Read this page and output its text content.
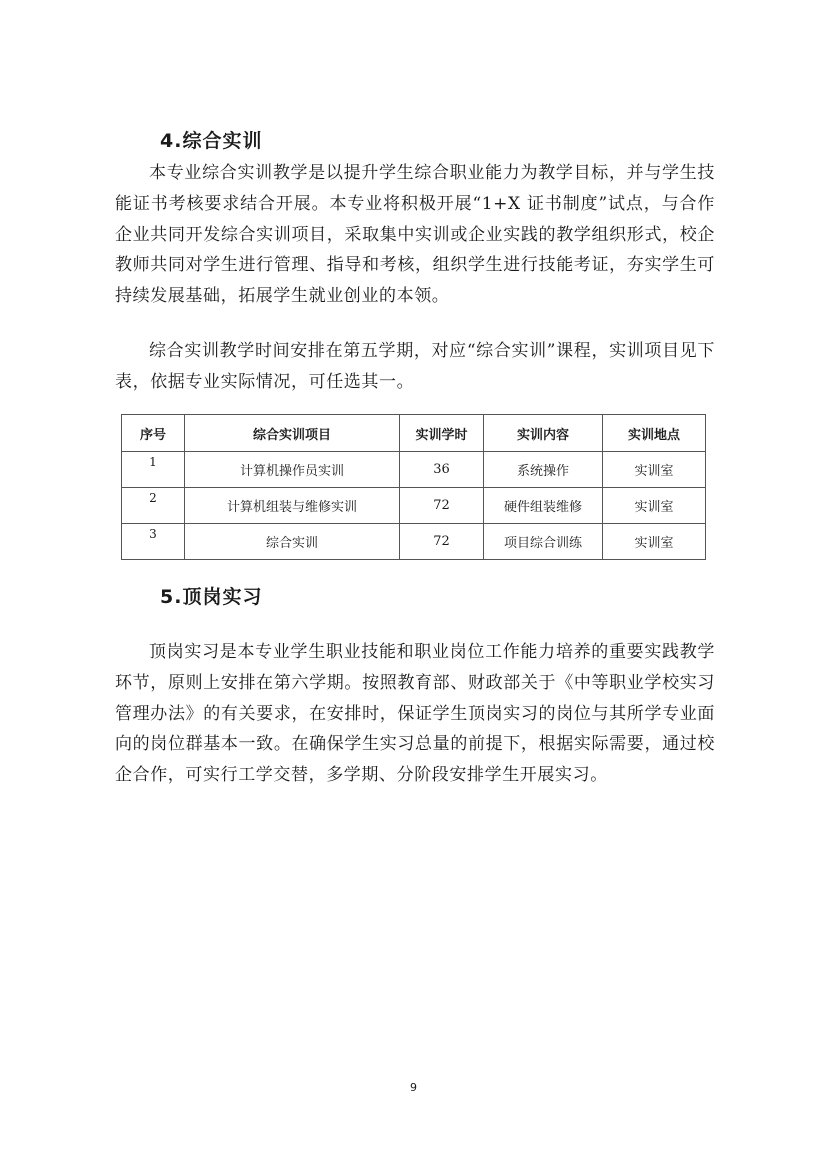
4.综合实训

本专业综合实训教学是以提升学生综合职业能力为教学目标，并与学生技能证书考核要求结合开展。本专业将积极开展“1+X 证书制度”试点，与合作企业共同开发综合实训项目，采取集中实训或企业实践的教学组织形式，校企教师共同对学生进行管理、指导和考核，组织学生进行技能考证，夯实学生可持续发展基础，拓展学生就业创业的本领。

综合实训教学时间安排在第五学期，对应“综合实训”课程，实训项目见下表，依据专业实际情况，可任选其一。

序号	综合实训项目	实训学时	实训内容	实训地点
1	计算机操作员实训	36	系统操作	实训室
2	计算机组装与维修实训	72	硬件组装维修	实训室
3	综合实训	72	项目综合训练	实训室
5.顶岗实习

顶岗实习是本专业学生职业技能和职业岗位工作能力培养的重要实践教学环节，原则上安排在第六学期。按照教育部、财政部关于《中等职业学校实习管理办法》的有关要求，在安排时，保证学生顶岗实习的岗位与其所学专业面向的岗位群基本一致。在确保学生实习总量的前提下，根据实际需要，通过校企合作，可实行工学交替，多学期、分阶段安排学生开展实习。

9
